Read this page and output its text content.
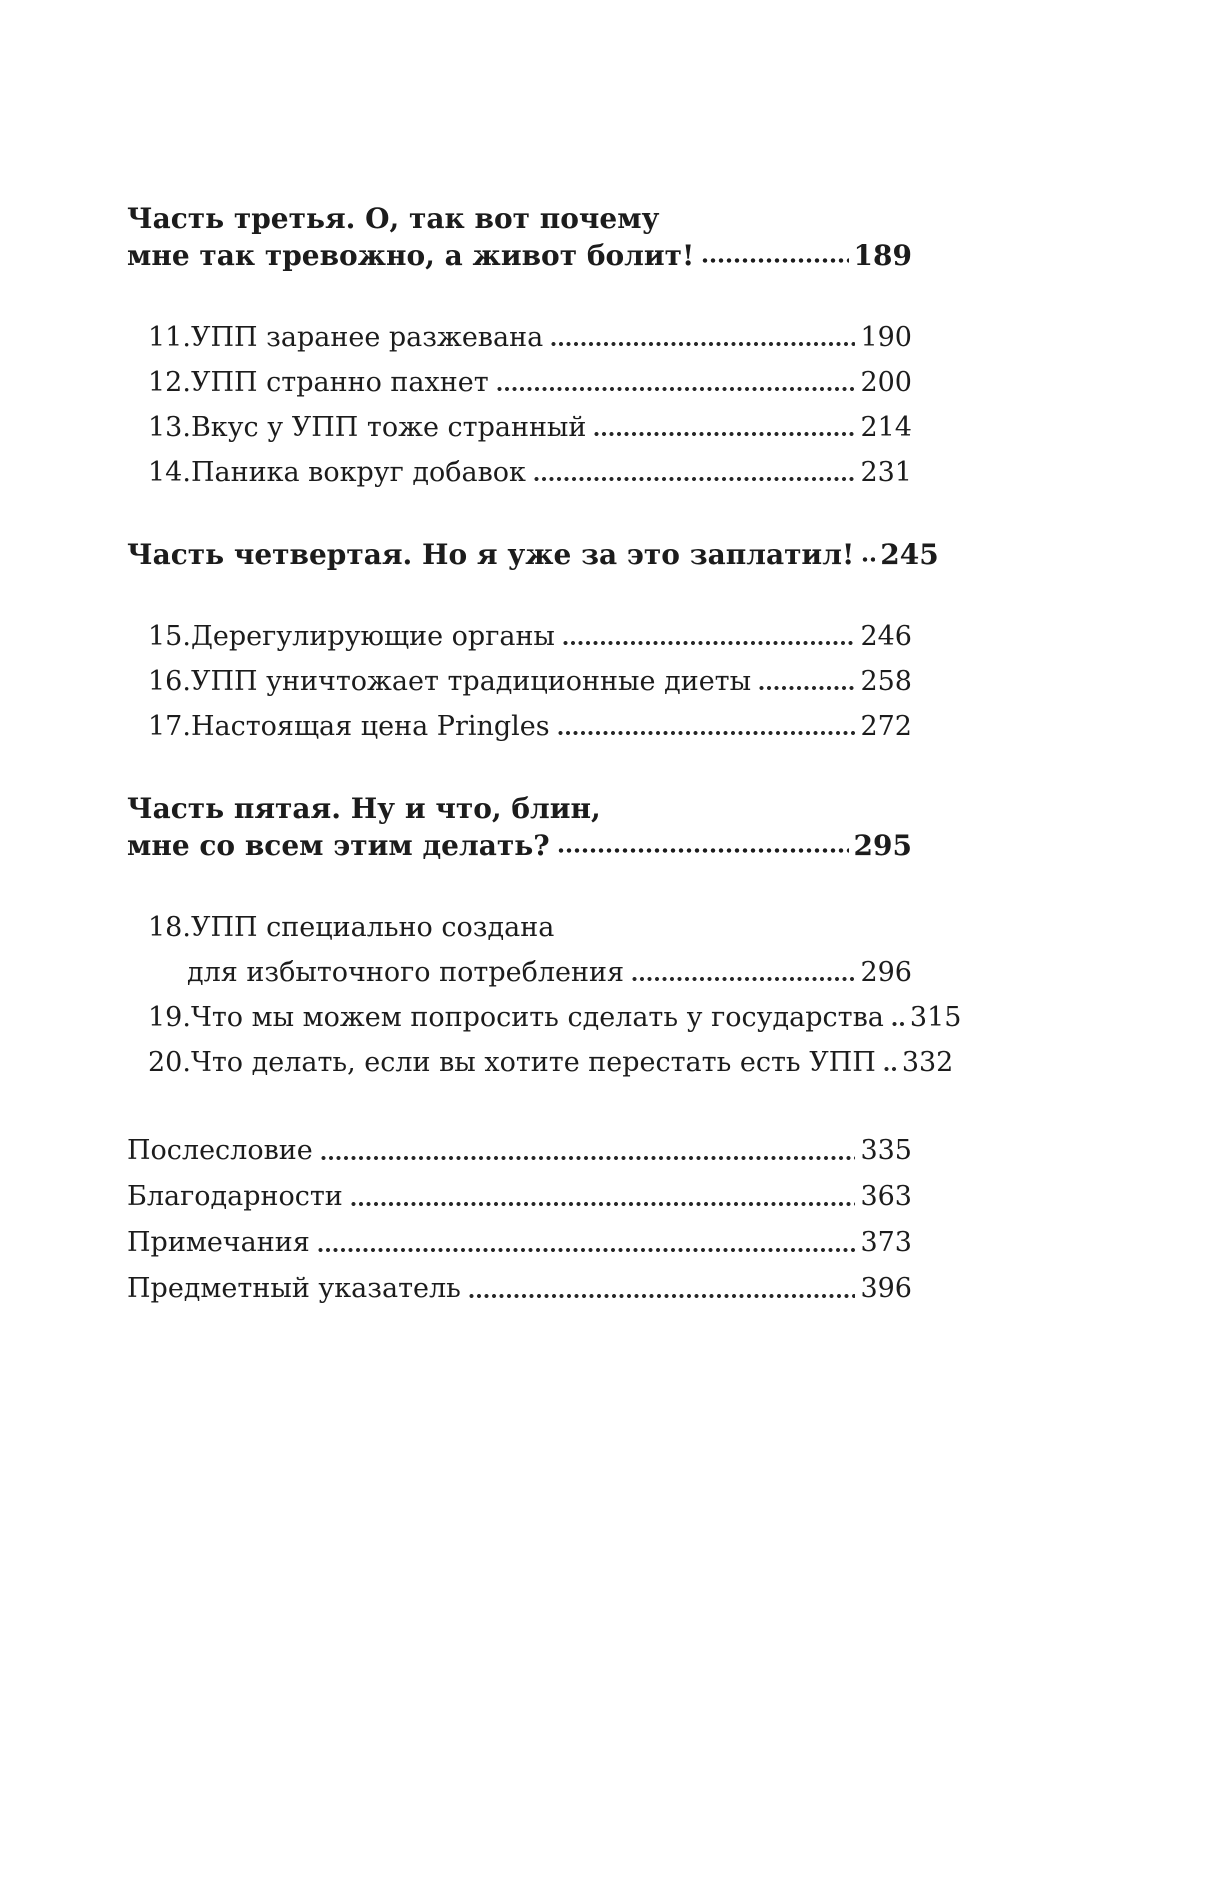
Часть третья. О, так вот почему
мне так тревожно, а живот болит!	189
11. УПП заранее разжевана	190
12. УПП странно пахнет	200
13. Вкус у УПП тоже странный	214
14. Паника вокруг добавок	231
Часть четвертая. Но я уже за это заплатил! 245
15. Дерегулирующие органы	246
16. УПП уничтожает традиционные диеты	258
17. Настоящая цена Pringles	272
Часть пятая. Ну и что, блин,
мне со всем этим делать?	295
18. УПП специально создана
для избыточного потребления	296
19. Что мы можем попросить сделать у государства 315
20. Что делать, если вы хотите перестать есть УПП 332
Послесловие	335
Благодарности	363
Примечания	373
Предметный указатель	396
